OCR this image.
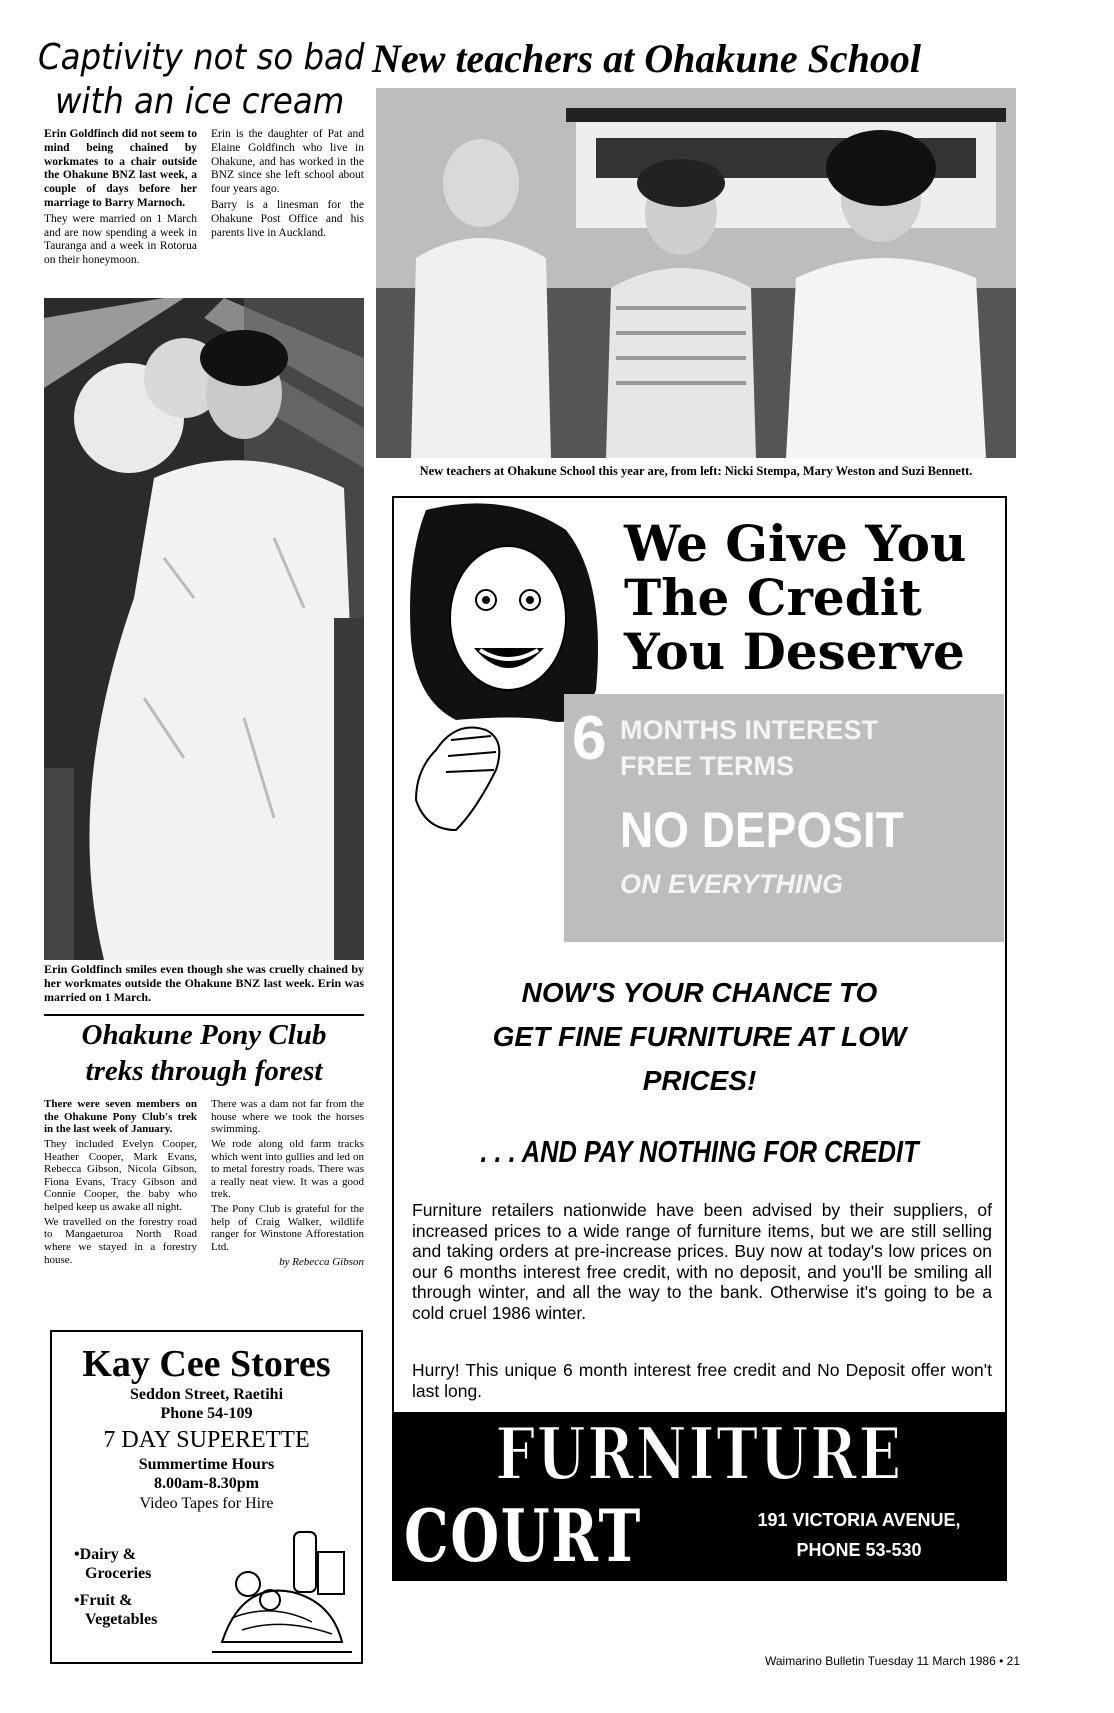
Captivity not so bad
with an ice cream

Erin Goldfinch did not seem to mind being chained by workmates to a chair outside the Ohakune BNZ last week, a couple of days before her marriage to Barry Marnoch.

They were married on 1 March and are now spending a week in Tauranga and a week in Rotorua on their honeymoon.

Erin is the daughter of Pat and Elaine Goldfinch who live in Ohakune, and has worked in the BNZ since she left school about four years ago.

Barry is a linesman for the Ohakune Post Office and his parents live in Auckland.

Erin Goldfinch smiles even though she was cruelly chained by her workmates outside the Ohakune BNZ last week. Erin was married on 1 March.
Ohakune Pony Club
treks through forest

There were seven members on the Ohakune Pony Club's trek in the last week of January.

They included Evelyn Cooper, Heather Cooper, Mark Evans, Rebecca Gibson, Nicola Gibson, Fiona Evans, Tracy Gibson and Connie Cooper, the baby who helped keep us awake all night.

We travelled on the forestry road to Mangaeturoa North Road where we stayed in a forestry house.

There was a dam not far from the house where we took the horses swimming.

We rode along old farm tracks which went into gullies and led on to metal forestry roads. There was a really neat view. It was a good trek.

The Pony Club is grateful for the help of Craig Walker, wildlife ranger for Winstone Afforestation Ltd.

by Rebecca Gibson

Kay Cee Stores
Seddon Street, Raetihi
Phone 54-109
7 DAY SUPERETTE
Summertime Hours
8.00am-8.30pm
Video Tapes for Hire
•Dairy &
Groceries
•Fruit &
Vegetables
New teachers at Ohakune School
New teachers at Ohakune School this year are, from left: Nicki Stempa, Mary Weston and Suzi Bennett.
We Give You
The Credit
You Deserve
6 MONTHS INTEREST
FREE TERMS
Plus NO DEPOSIT
ON EVERYTHING
NOW'S YOUR CHANCE TO
GET FINE FURNITURE AT LOW
PRICES!
. . . AND PAY NOTHING FOR CREDIT
Furniture retailers nationwide have been advised by their suppliers, of increased prices to a wide range of furniture items, but we are still selling and taking orders at pre-increase prices. Buy now at today's low prices on our 6 months interest free credit, with no deposit, and you'll be smiling all through winter, and all the way to the bank. Otherwise it's going to be a cold cruel 1986 winter.
Hurry! This unique 6 month interest free credit and No Deposit offer won't last long.
FURNITURE
COURT	191 VICTORIA AVENUE,
PHONE 53-530
Waimarino Bulletin Tuesday 11 March 1986 • 21
